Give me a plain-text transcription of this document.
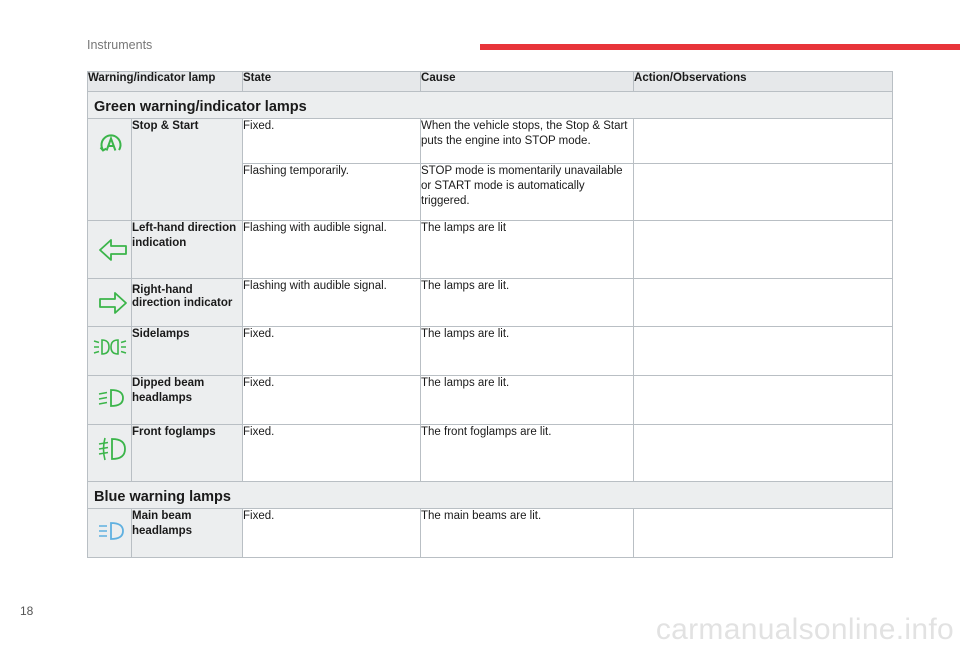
Instruments
Warning/indicator lamp		State	Cause	Action/Observations
Green warning/indicator lamps				

	Stop & Start	Fixed.	When the vehicle stops, the Stop & Start puts the engine into STOP mode.	
		Flashing temporarily.	STOP mode is momentarily unavailable or START mode is automatically triggered.	

	Left-hand direction indication	Flashing with audible signal.	The lamps are lit	

	Right-hand direction indicator	Flashing with audible signal.	The lamps are lit.	

	Sidelamps	Fixed.	The lamps are lit.	

	Dipped beam headlamps	Fixed.	The lamps are lit.	

	Front foglamps	Fixed.	The front foglamps are lit.	
Blue warning lamps				

	Main beam headlamps	Fixed.	The main beams are lit.	
18
carmanualsonline.info
